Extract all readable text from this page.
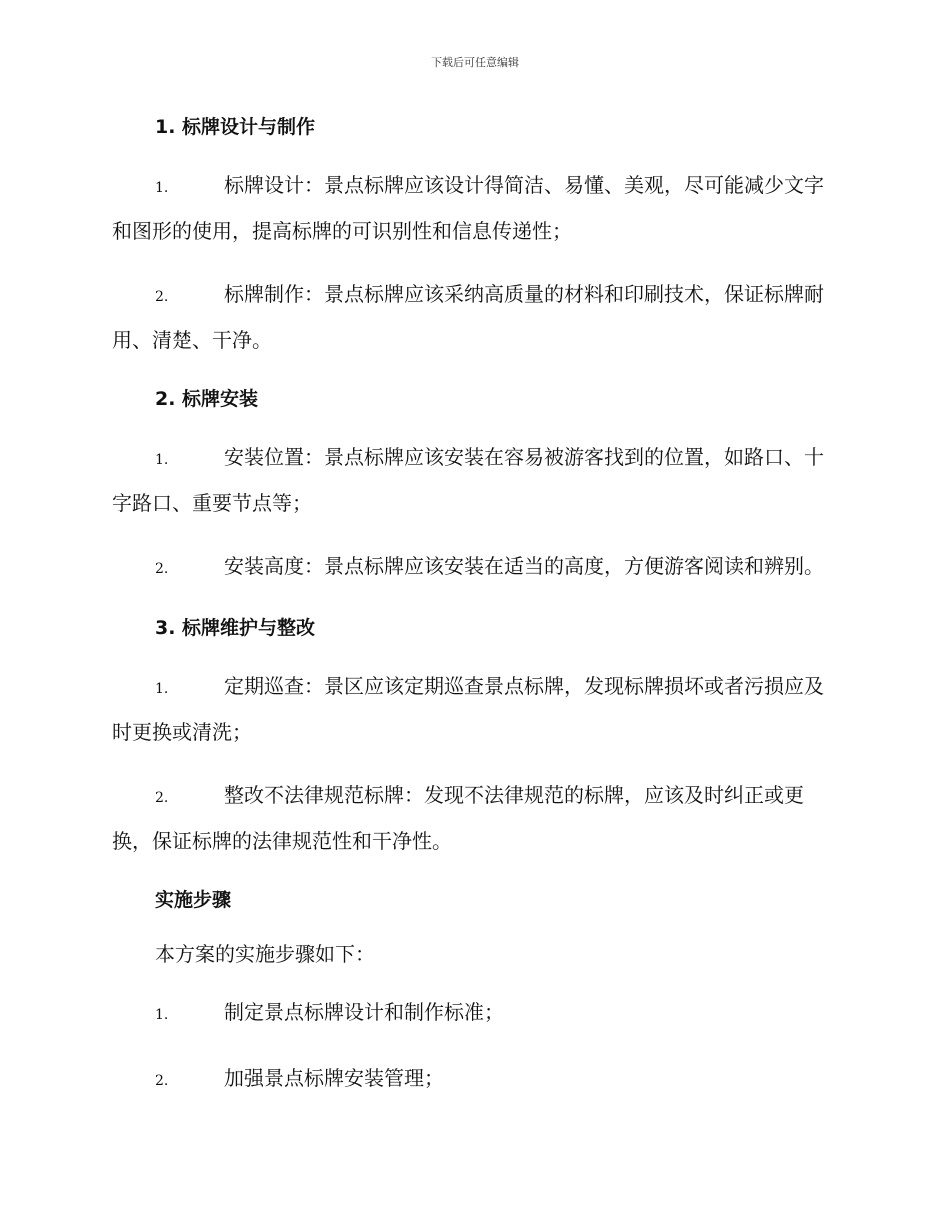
下载后可任意编辑
1. 标牌设计与制作
1.	标牌设计：景点标牌应该设计得简洁、易懂、美观，尽可能减少文字和图形的使用，提高标牌的可识别性和信息传递性；
2.	标牌制作：景点标牌应该采纳高质量的材料和印刷技术，保证标牌耐用、清楚、干净。
2. 标牌安装
1.	安装位置：景点标牌应该安装在容易被游客找到的位置，如路口、十字路口、重要节点等；
2.	安装高度：景点标牌应该安装在适当的高度，方便游客阅读和辨别。
3. 标牌维护与整改
1.	定期巡查：景区应该定期巡查景点标牌，发现标牌损坏或者污损应及时更换或清洗；
2.	整改不法律规范标牌：发现不法律规范的标牌，应该及时纠正或更换，保证标牌的法律规范性和干净性。
实施步骤
本方案的实施步骤如下：
1.	制定景点标牌设计和制作标准；
2.	加强景点标牌安装管理；
